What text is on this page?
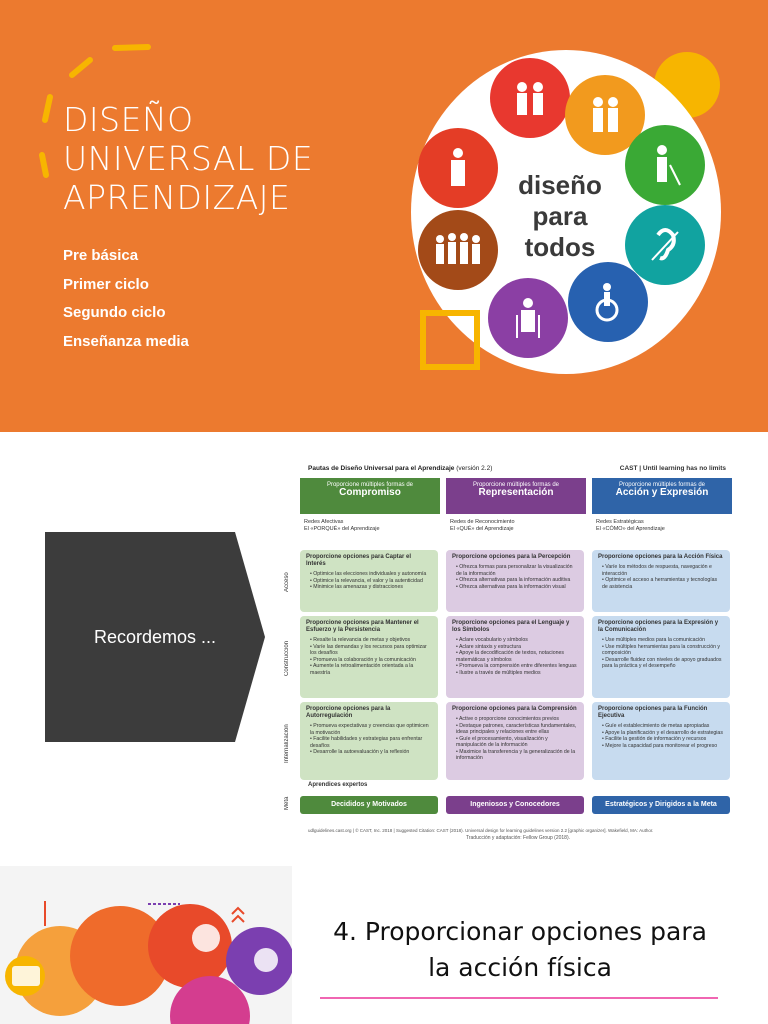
DISEÑO
UNIVERSAL DE
APRENDIZAJE
Pre básica
Primer ciclo
Segundo ciclo
Enseñanza media
diseño
para
todos
Recordemos ...
Pautas de Diseño Universal para el Aprendizaje (versión 2.2)	CAST | Until learning has no limits
Proporcione múltiples formas de
Compromiso
Proporcione múltiples formas de
Representación
Proporcione múltiples formas de
Acción y Expresión
Redes Afectivas
El «PORQUÉ» del Aprendizaje
Redes de Reconocimiento
El «QUÉ» del Aprendizaje
Redes Estratégicas
El «CÓMO» del Aprendizaje
Acceso
Construcción
Internalización
Meta
Proporcione opciones para Captar el Interés
• Optimice las elecciones individuales y autonomía
• Optimice la relevancia, el valor y la autenticidad
• Minimice las amenazas y distracciones
Proporcione opciones para la Percepción
• Ofrezca formas para personalizar la visualización de la información
• Ofrezca alternativas para la información auditiva
• Ofrezca alternativas para la información visual
Proporcione opciones para la Acción Física
• Varíe los métodos de respuesta, navegación e interacción
• Optimice el acceso a herramientas y tecnologías de asistencia
Proporcione opciones para Mantener el Esfuerzo y la Persistencia
• Resalte la relevancia de metas y objetivos
• Varíe las demandas y los recursos para optimizar los desafíos
• Promueva la colaboración y la comunicación
• Aumente la retroalimentación orientada a la maestría
Proporcione opciones para el Lenguaje y los Símbolos
• Aclare vocabulario y símbolos
• Aclare sintaxis y estructura
• Apoye la decodificación de textos, notaciones matemáticas y símbolos
• Promueva la comprensión entre diferentes lenguas
• Ilustre a través de múltiples medios
Proporcione opciones para la Expresión y la Comunicación
• Use múltiples medios para la comunicación
• Use múltiples herramientas para la construcción y composición
• Desarrolle fluidez con niveles de apoyo graduados para la práctica y el desempeño
Proporcione opciones para la Autorregulación
• Promueva expectativas y creencias que optimicen la motivación
• Facilite habilidades y estrategias para enfrentar desafíos
• Desarrolle la autoevaluación y la reflexión
Proporcione opciones para la Comprensión
• Active o proporcione conocimientos previos
• Destaque patrones, características fundamentales, ideas principales y relaciones entre ellas
• Guíe el procesamiento, visualización y manipulación de la información
• Maximice la transferencia y la generalización de la información
Proporcione opciones para la Función Ejecutiva
• Guíe el establecimiento de metas apropiadas
• Apoye la planificación y el desarrollo de estrategias
• Facilite la gestión de información y recursos
• Mejore la capacidad para monitorear el progreso
Aprendices expertos
Decididos y Motivados	Ingeniosos y Conocedores	Estratégicos y Dirigidos a la Meta
udlguidelines.cast.org | © CAST, Inc. 2018 | Suggested Citation: CAST (2018). Universal design for learning guidelines version 2.2 [graphic organizer]. Wakefield, MA: Author.
Traducción y adaptación: Fellow Group (2018).
4. Proporcionar opciones para
la acción física
